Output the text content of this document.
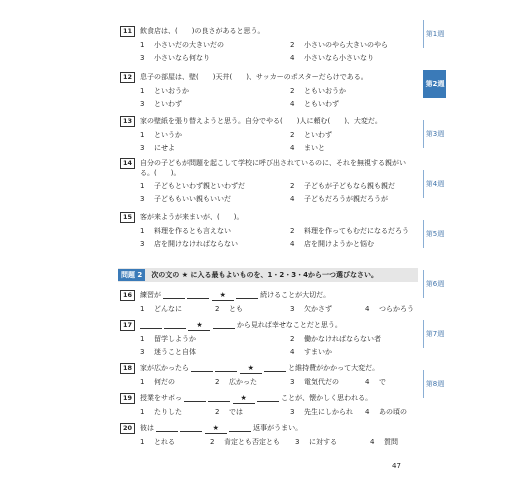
11	飲食店は、(　　)の良さがあると思う。
1 小さいだの大きいだの	2 小さいのやら大きいのやら
3 小さいなら何なり	4 小さいなら小さいなり
12	息子の部屋は、壁(　　)天井(　　)、サッカーのポスターだらけである。
1 といおうか	2 ともいおうか
3 といわず	4 ともいわず
13	家の壁紙を張り替えようと思う。自分でやる(　　)人に頼む(　　)、大変だ。
1 というか	2 といわず
3 にせよ	4 まいと
14	自分の子どもが問題を起こして学校に呼び出されているのに、それを無視する親がいる。(　　)。
1 子どもといわず親といわずだ	2 子どもが子どもなら親も親だ
3 子どももいい親もいいだ	4 子どもだろうが親だろうが
15	客が来ようが来まいが、(　　)。
1 料理を作るとも言えない	2 料理を作ってもむだになるだろう
3 店を開けなければならない	4 店を開けようかと悩む
問題 2	次の文の ★ に入る最もよいものを、1・2・3・4から一つ選びなさい。
16	練習が	★	続けることが大切だ。
1 どんなに	2 とも	3 欠かさず	4 つらかろう
17	★	から見れば幸せなことだと思う。
1 留学しようか	2 働かなければならない者
3 迷うこと自体	4 すまいか
18	家が広かったら	★	と維持費がかかって大変だ。
1 何だの	2 広かった	3 電気代だの	4 で
19	授業をサボっ	★	ことが、懐かしく思われる。
1 たりした	2 では	3 先生にしかられ 4 あの頃の
20	彼は	★	返事がうまい。
1 とれる	2 肯定とも否定とも 3 に対する	4 質問
第1週
第2週
第3週
第4週
第5週
第6週
第7週
第8週
47
